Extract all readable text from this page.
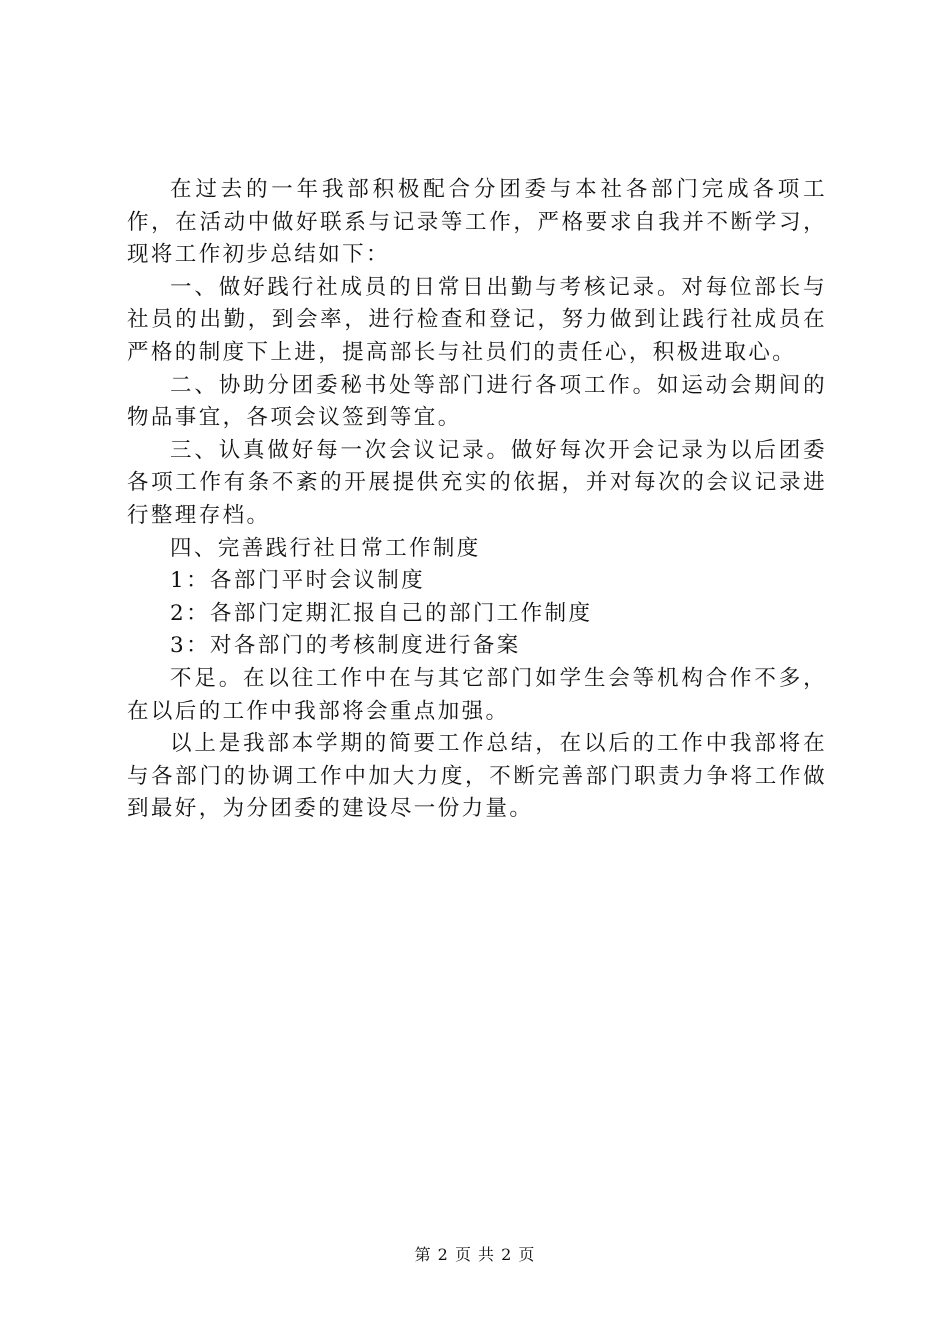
在过去的一年我部积极配合分团委与本社各部门完成各项工作，在活动中做好联系与记录等工作，严格要求自我并不断学习，现将工作初步总结如下：

一、做好践行社成员的日常日出勤与考核记录。对每位部长与社员的出勤，到会率，进行检查和登记，努力做到让践行社成员在严格的制度下上进，提高部长与社员们的责任心，积极进取心。

二、协助分团委秘书处等部门进行各项工作。如运动会期间的物品事宜，各项会议签到等宜。

三、认真做好每一次会议记录。做好每次开会记录为以后团委各项工作有条不紊的开展提供充实的依据，并对每次的会议记录进行整理存档。

四、完善践行社日常工作制度

1：各部门平时会议制度

2：各部门定期汇报自己的部门工作制度

3：对各部门的考核制度进行备案

不足。在以往工作中在与其它部门如学生会等机构合作不多，在以后的工作中我部将会重点加强。

以上是我部本学期的简要工作总结，在以后的工作中我部将在与各部门的协调工作中加大力度，不断完善部门职责力争将工作做到最好，为分团委的建设尽一份力量。

第 2 页 共 2 页
